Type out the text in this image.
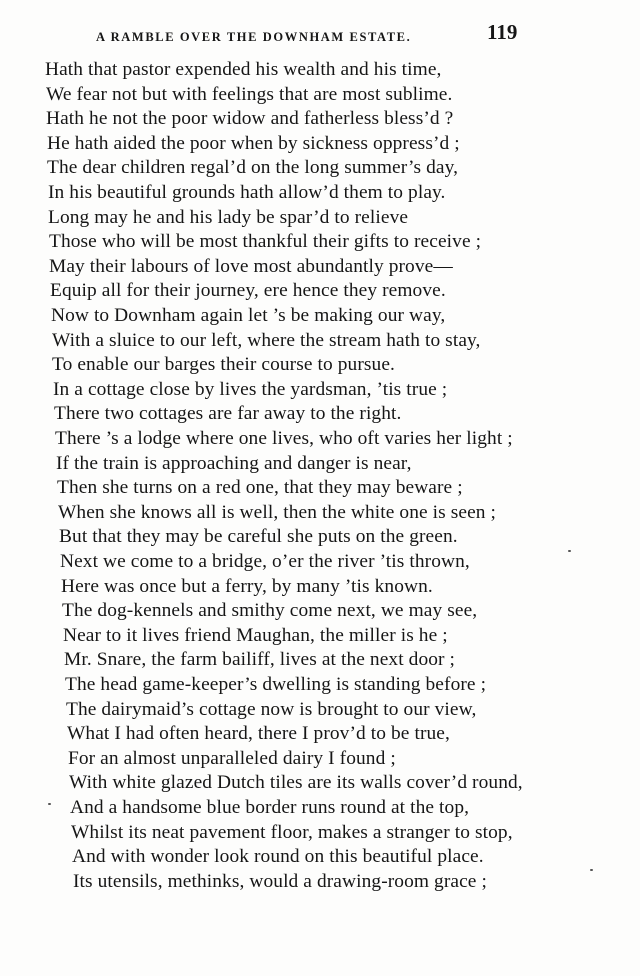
A RAMBLE OVER THE DOWNHAM ESTATE.	119
Hath that pastor expended his wealth and his time,
We fear not but with feelings that are most sublime.
Hath he not the poor widow and fatherless bless’d ?
He hath aided the poor when by sickness oppress’d ;
The dear children regal’d on the long summer’s day,
In his beautiful grounds hath allow’d them to play.
Long may he and his lady be spar’d to relieve
Those who will be most thankful their gifts to receive ;
May their labours of love most abundantly prove—
Equip all for their journey, ere hence they remove.
Now to Downham again let ’s be making our way,
With a sluice to our left, where the stream hath to stay,
To enable our barges their course to pursue.
In a cottage close by lives the yardsman, ’tis true ;
There two cottages are far away to the right.
There ’s a lodge where one lives, who oft varies her light ;
If the train is approaching and danger is near,
Then she turns on a red one, that they may beware ;
When she knows all is well, then the white one is seen ;
But that they may be careful she puts on the green.
Next we come to a bridge, o’er the river ’tis thrown,
Here was once but a ferry, by many ’tis known.
The dog-kennels and smithy come next, we may see,
Near to it lives friend Maughan, the miller is he ;
Mr. Snare, the farm bailiff, lives at the next door ;
The head game-keeper’s dwelling is standing before ;
The dairymaid’s cottage now is brought to our view,
What I had often heard, there I prov’d to be true,
For an almost unparalleled dairy I found ;
With white glazed Dutch tiles are its walls cover’d round,
And a handsome blue border runs round at the top,
Whilst its neat pavement floor, makes a stranger to stop,
And with wonder look round on this beautiful place.
Its utensils, methinks, would a drawing-room grace ;
